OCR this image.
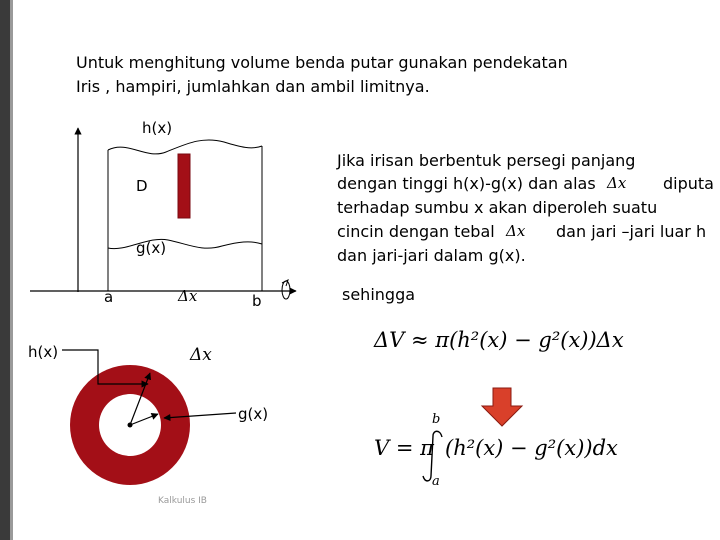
Untuk menghitung volume benda putar gunakan pendekatan
Iris , hampiri, jumlahkan dan ambil limitnya.
h(x)
D
g(x)
a	b
Δx
h(x)	Δx
g(x)
Kalkulus IB
Jika irisan berbentuk persegi panjang
dengan tinggi h(x)-g(x) dan alas Δx diputa
terhadap sumbu x akan diperoleh suatu
cincin dengan tebal Δx dan jari –jari luar h
dan jari-jari dalam g(x).
sehingga
ΔV ≈ π(h²(x) − g²(x))Δx
V = π (h²(x) − g²(x))dx
b
a
